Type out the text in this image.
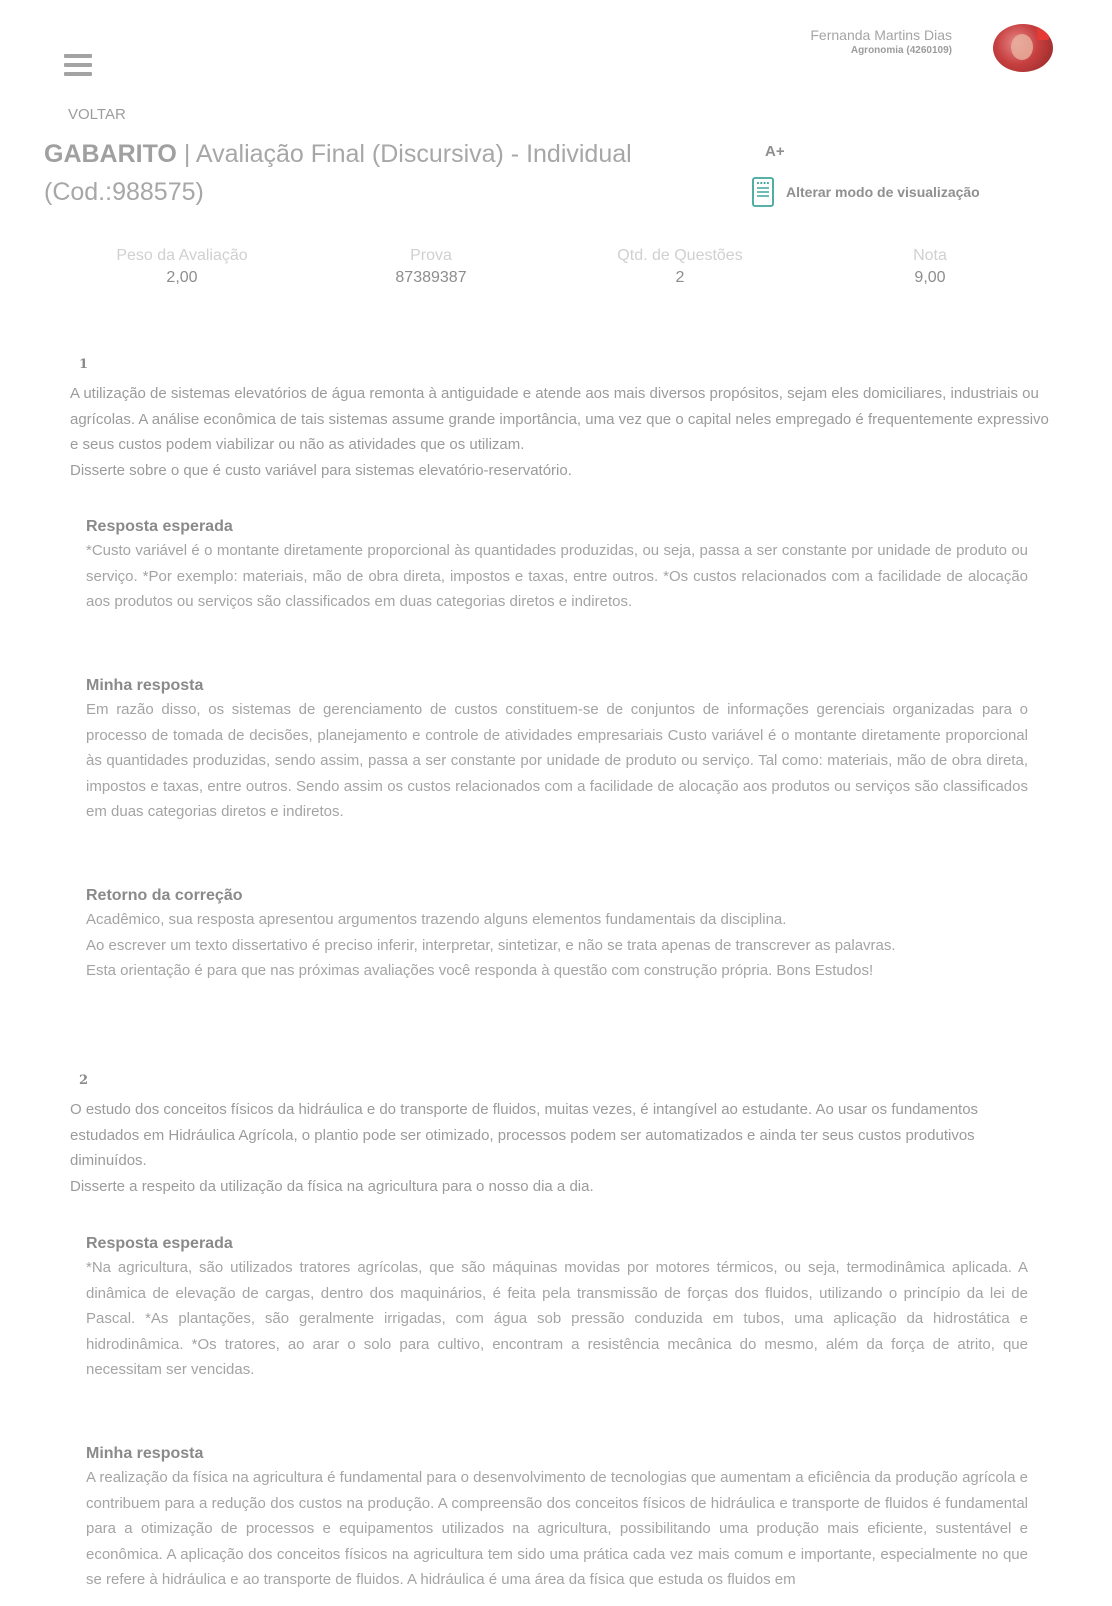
Fernanda Martins Dias
Agronomia (4260109)
VOLTAR
GABARITO | Avaliação Final (Discursiva) - Individual (Cod.:988575)
A+
Alterar modo de visualização
Peso da Avaliação
2,00
Prova
87389387
Qtd. de Questões
2
Nota
9,00
1

A utilização de sistemas elevatórios de água remonta à antiguidade e atende aos mais diversos propósitos, sejam eles domiciliares, industriais ou agrícolas. A análise econômica de tais sistemas assume grande importância, uma vez que o capital neles empregado é frequentemente expressivo e seus custos podem viabilizar ou não as atividades que os utilizam.

Disserte sobre o que é custo variável para sistemas elevatório-reservatório.

Resposta esperada

*Custo variável é o montante diretamente proporcional às quantidades produzidas, ou seja, passa a ser constante por unidade de produto ou serviço. *Por exemplo: materiais, mão de obra direta, impostos e taxas, entre outros. *Os custos relacionados com a facilidade de alocação aos produtos ou serviços são classificados em duas categorias diretos e indiretos.

Minha resposta

Em razão disso, os sistemas de gerenciamento de custos constituem-se de conjuntos de informações gerenciais organizadas para o processo de tomada de decisões, planejamento e controle de atividades empresariais Custo variável é o montante diretamente proporcional às quantidades produzidas, sendo assim, passa a ser constante por unidade de produto ou serviço. Tal como: materiais, mão de obra direta, impostos e taxas, entre outros. Sendo assim os custos relacionados com a facilidade de alocação aos produtos ou serviços são classificados em duas categorias diretos e indiretos.

Retorno da correção

Acadêmico, sua resposta apresentou argumentos trazendo alguns elementos fundamentais da disciplina.

Ao escrever um texto dissertativo é preciso inferir, interpretar, sintetizar, e não se trata apenas de transcrever as palavras.

Esta orientação é para que nas próximas avaliações você responda à questão com construção própria. Bons Estudos!

2

O estudo dos conceitos físicos da hidráulica e do transporte de fluidos, muitas vezes, é intangível ao estudante. Ao usar os fundamentos estudados em Hidráulica Agrícola, o plantio pode ser otimizado, processos podem ser automatizados e ainda ter seus custos produtivos diminuídos.

Disserte a respeito da utilização da física na agricultura para o nosso dia a dia.

Resposta esperada

*Na agricultura, são utilizados tratores agrícolas, que são máquinas movidas por motores térmicos, ou seja, termodinâmica aplicada. A dinâmica de elevação de cargas, dentro dos maquinários, é feita pela transmissão de forças dos fluidos, utilizando o princípio da lei de Pascal. *As plantações, são geralmente irrigadas, com água sob pressão conduzida em tubos, uma aplicação da hidrostática e hidrodinâmica. *Os tratores, ao arar o solo para cultivo, encontram a resistência mecânica do mesmo, além da força de atrito, que necessitam ser vencidas.

Minha resposta

A realização da física na agricultura é fundamental para o desenvolvimento de tecnologias que aumentam a eficiência da produção agrícola e contribuem para a redução dos custos na produção. A compreensão dos conceitos físicos de hidráulica e transporte de fluidos é fundamental para a otimização de processos e equipamentos utilizados na agricultura, possibilitando uma produção mais eficiente, sustentável e econômica. A aplicação dos conceitos físicos na agricultura tem sido uma prática cada vez mais comum e importante, especialmente no que se refere à hidráulica e ao transporte de fluidos. A hidráulica é uma área da física que estuda os fluidos em
